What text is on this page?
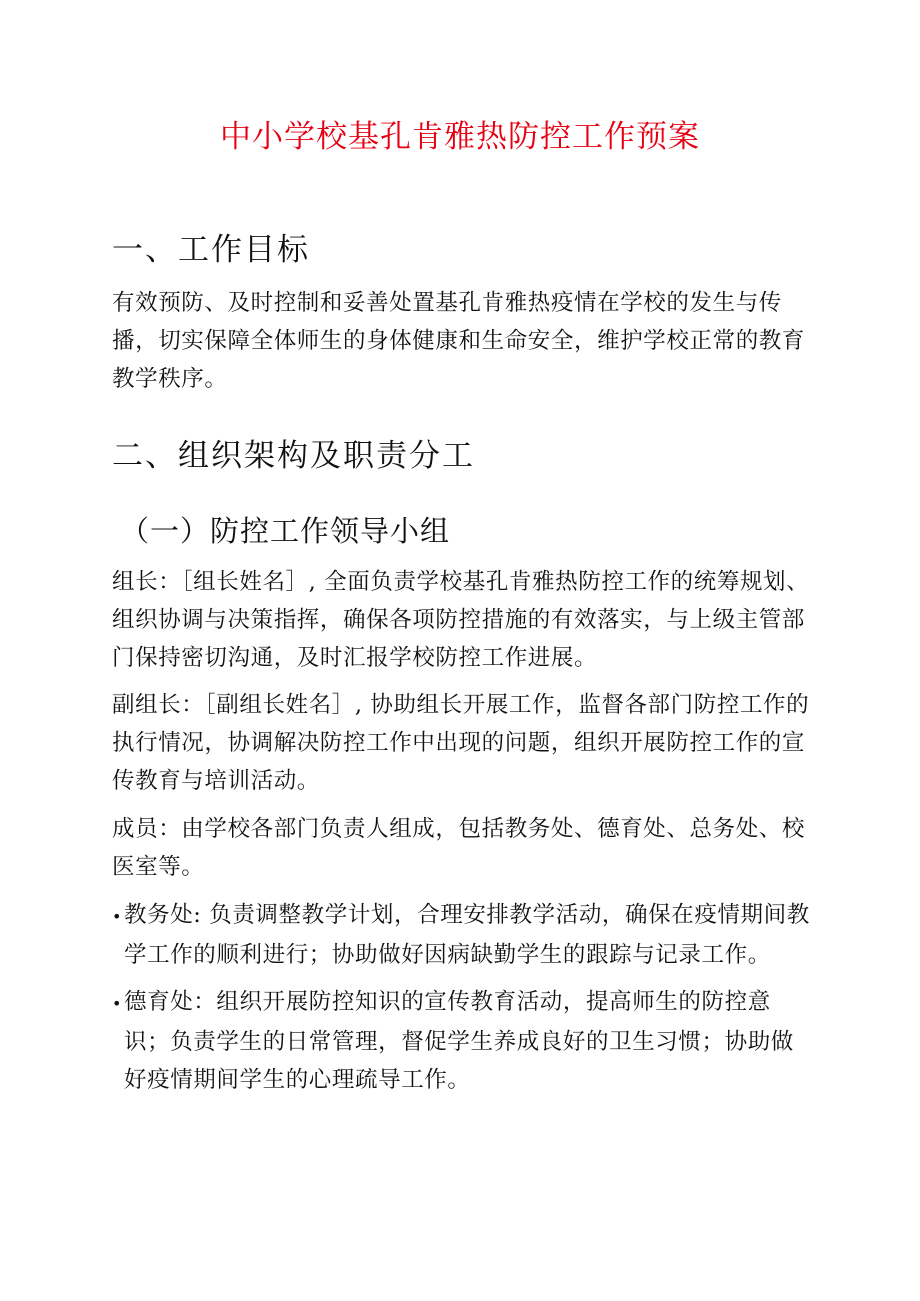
中小学校基孔肯雅热防控工作预案
一、工作目标

有效预防、及时控制和妥善处置基孔肯雅热疫情在学校的发生与传播，切实保障全体师生的身体健康和生命安全，维护学校正常的教育教学秩序。

二、组织架构及职责分工
（一）防控工作领导小组

组长：［组长姓名］, 全面负责学校基孔肯雅热防控工作的统筹规划、组织协调与决策指挥，确保各项防控措施的有效落实，与上级主管部门保持密切沟通，及时汇报学校防控工作进展。

副组长：［副组长姓名］, 协助组长开展工作，监督各部门防控工作的执行情况，协调解决防控工作中出现的问题，组织开展防控工作的宣传教育与培训活动。

成员：由学校各部门负责人组成，包括教务处、德育处、总务处、校医室等。

•教务处: 负责调整教学计划，合理安排教学活动，确保在疫情期间教学工作的顺利进行；协助做好因病缺勤学生的跟踪与记录工作。

•德育处：组织开展防控知识的宣传教育活动，提高师生的防控意识；负责学生的日常管理，督促学生养成良好的卫生习惯；协助做好疫情期间学生的心理疏导工作。
